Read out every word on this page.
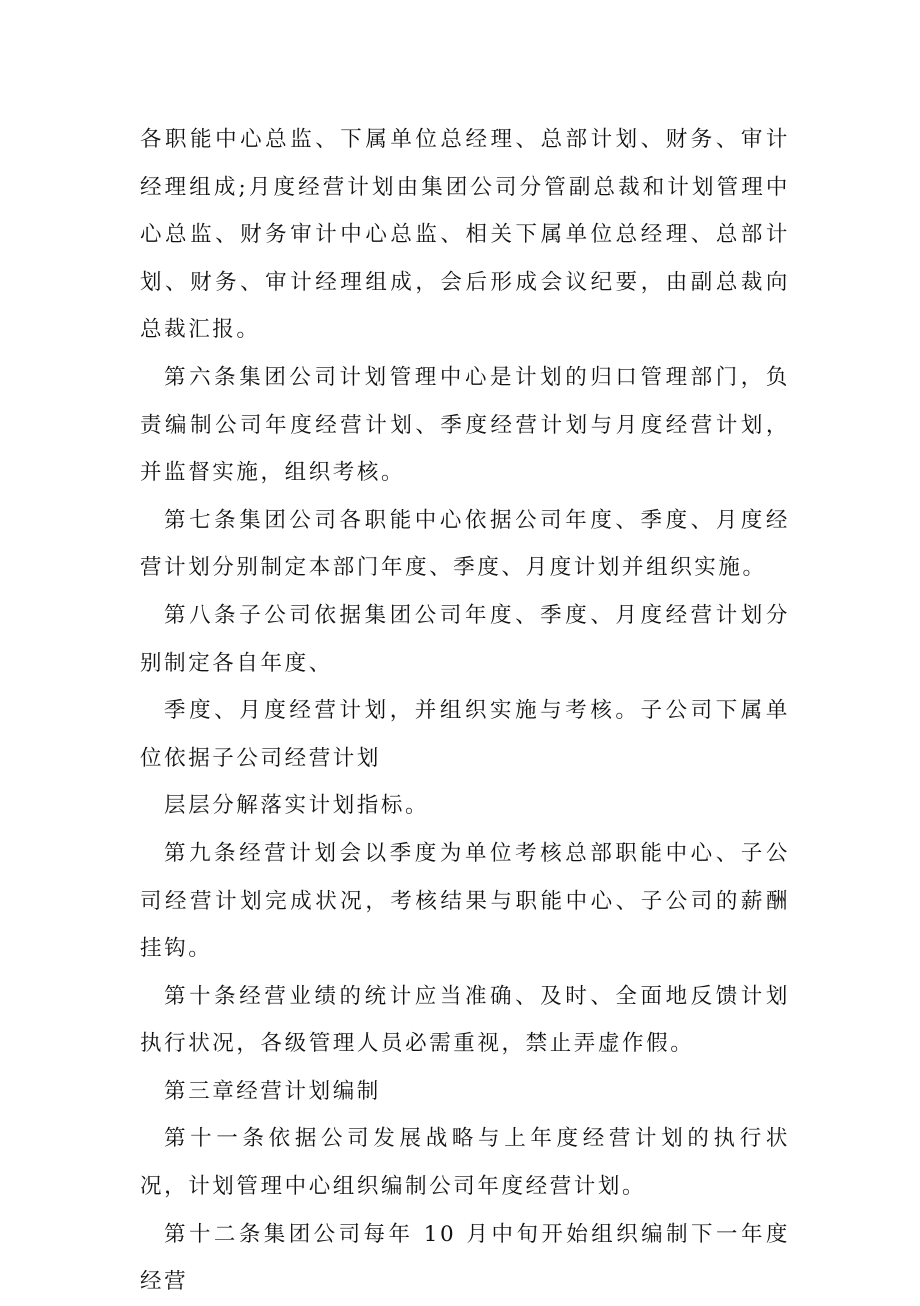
各职能中心总监、下属单位总经理、总部计划、财务、审计经理组成;月度经营计划由集团公司分管副总裁和计划管理中心总监、财务审计中心总监、相关下属单位总经理、总部计划、财务、审计经理组成，会后形成会议纪要，由副总裁向总裁汇报。

第六条集团公司计划管理中心是计划的归口管理部门，负责编制公司年度经营计划、季度经营计划与月度经营计划，并监督实施，组织考核。

第七条集团公司各职能中心依据公司年度、季度、月度经营计划分别制定本部门年度、季度、月度计划并组织实施。

第八条子公司依据集团公司年度、季度、月度经营计划分别制定各自年度、

季度、月度经营计划，并组织实施与考核。子公司下属单位依据子公司经营计划

层层分解落实计划指标。

第九条经营计划会以季度为单位考核总部职能中心、子公司经营计划完成状况，考核结果与职能中心、子公司的薪酬挂钩。

第十条经营业绩的统计应当准确、及时、全面地反馈计划执行状况，各级管理人员必需重视，禁止弄虚作假。

第三章经营计划编制

第十一条依据公司发展战略与上年度经营计划的执行状况，计划管理中心组织编制公司年度经营计划。

第十二条集团公司每年 10 月中旬开始组织编制下一年度经营
